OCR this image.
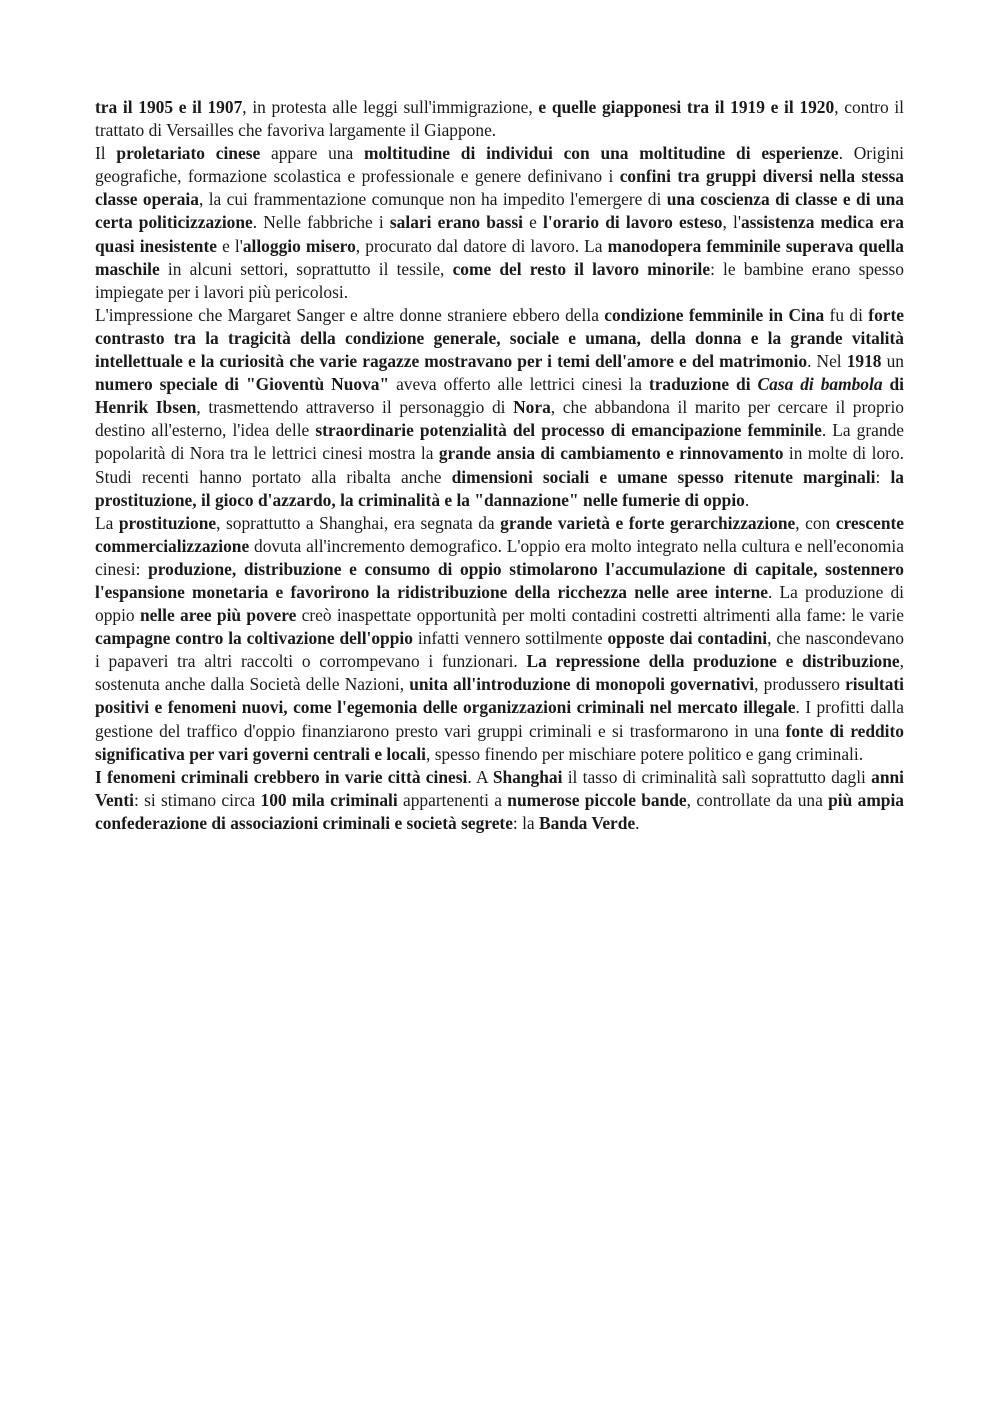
tra il 1905 e il 1907, in protesta alle leggi sull'immigrazione, e quelle giapponesi tra il 1919 e il 1920, contro il trattato di Versailles che favoriva largamente il Giappone.

Il proletariato cinese appare una moltitudine di individui con una moltitudine di esperienze. Origini geografiche, formazione scolastica e professionale e genere definivano i confini tra gruppi diversi nella stessa classe operaia, la cui frammentazione comunque non ha impedito l'emergere di una coscienza di classe e di una certa politicizzazione. Nelle fabbriche i salari erano bassi e l'orario di lavoro esteso, l'assistenza medica era quasi inesistente e l'alloggio misero, procurato dal datore di lavoro. La manodopera femminile superava quella maschile in alcuni settori, soprattutto il tessile, come del resto il lavoro minorile: le bambine erano spesso impiegate per i lavori più pericolosi.

L'impressione che Margaret Sanger e altre donne straniere ebbero della condizione femminile in Cina fu di forte contrasto tra la tragicità della condizione generale, sociale e umana, della donna e la grande vitalità intellettuale e la curiosità che varie ragazze mostravano per i temi dell'amore e del matrimonio. Nel 1918 un numero speciale di "Gioventù Nuova" aveva offerto alle lettrici cinesi la traduzione di Casa di bambola di Henrik Ibsen, trasmettendo attraverso il personaggio di Nora, che abbandona il marito per cercare il proprio destino all'esterno, l'idea delle straordinarie potenzialità del processo di emancipazione femminile. La grande popolarità di Nora tra le lettrici cinesi mostra la grande ansia di cambiamento e rinnovamento in molte di loro. Studi recenti hanno portato alla ribalta anche dimensioni sociali e umane spesso ritenute marginali: la prostituzione, il gioco d'azzardo, la criminalità e la "dannazione" nelle fumerie di oppio.

La prostituzione, soprattutto a Shanghai, era segnata da grande varietà e forte gerarchizzazione, con crescente commercializzazione dovuta all'incremento demografico. L'oppio era molto integrato nella cultura e nell'economia cinesi: produzione, distribuzione e consumo di oppio stimolarono l'accumulazione di capitale, sostennero l'espansione monetaria e favorirono la ridistribuzione della ricchezza nelle aree interne. La produzione di oppio nelle aree più povere creò inaspettate opportunità per molti contadini costretti altrimenti alla fame: le varie campagne contro la coltivazione dell'oppio infatti vennero sottilmente opposte dai contadini, che nascondevano i papaveri tra altri raccolti o corrompevano i funzionari. La repressione della produzione e distribuzione, sostenuta anche dalla Società delle Nazioni, unita all'introduzione di monopoli governativi, produssero risultati positivi e fenomeni nuovi, come l'egemonia delle organizzazioni criminali nel mercato illegale. I profitti dalla gestione del traffico d'oppio finanziarono presto vari gruppi criminali e si trasformarono in una fonte di reddito significativa per vari governi centrali e locali, spesso finendo per mischiare potere politico e gang criminali.

I fenomeni criminali crebbero in varie città cinesi. A Shanghai il tasso di criminalità salì soprattutto dagli anni Venti: si stimano circa 100 mila criminali appartenenti a numerose piccole bande, controllate da una più ampia confederazione di associazioni criminali e società segrete: la Banda Verde.
